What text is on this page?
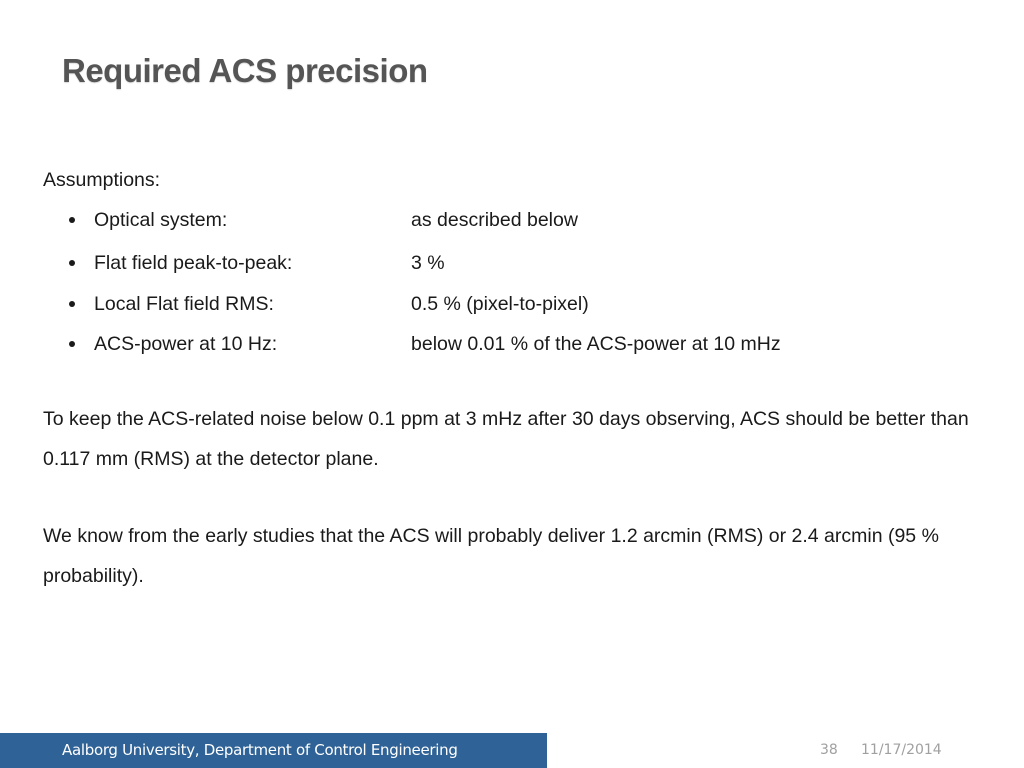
Required ACS precision

Assumptions:

Optical system:	as described below
Flat field peak-to-peak:	3 %
Local Flat field RMS:	0.5 % (pixel-to-pixel)
ACS-power at 10 Hz:	below 0.01 % of the ACS-power at 10 mHz

To keep the ACS-related noise below 0.1 ppm at 3 mHz after 30 days observing, ACS should be better than 0.117 mm (RMS) at the detector plane.

We know from the early studies that the ACS will probably deliver 1.2 arcmin (RMS) or 2.4 arcmin (95 % probability).

Aalborg University, Department of Control Engineering	38 11/17/2014
